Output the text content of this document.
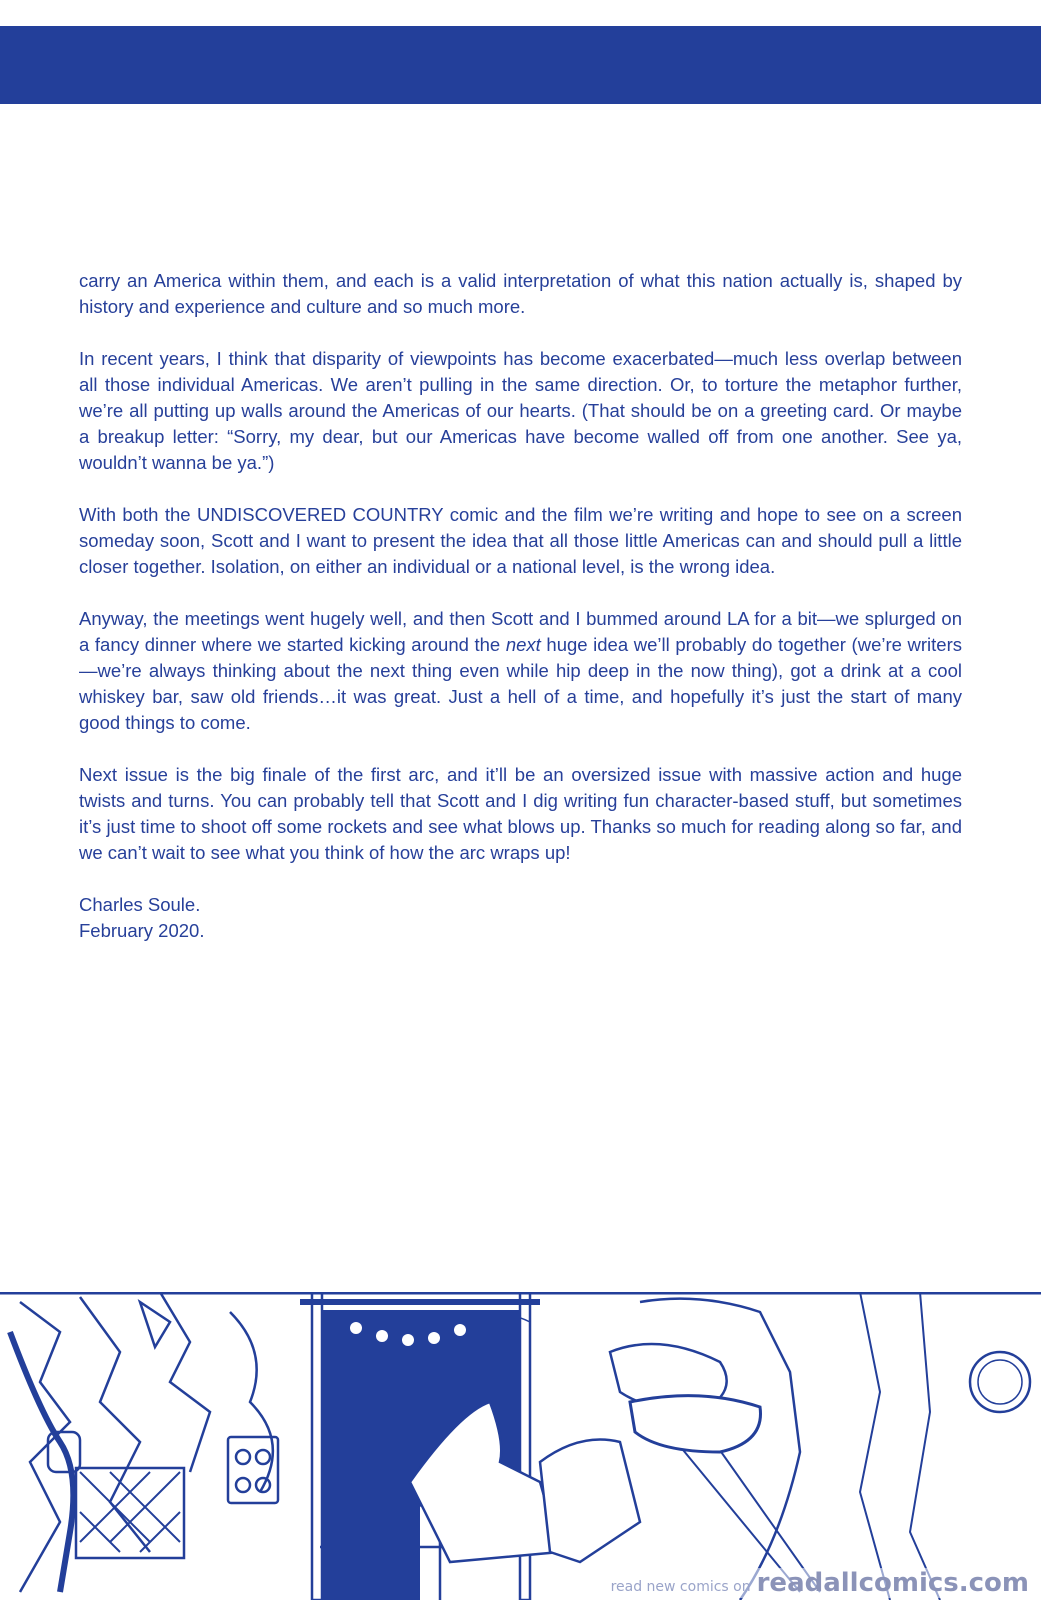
carry an America within them, and each is a valid interpretation of what this nation actually is, shaped by history and experience and culture and so much more.

In recent years, I think that disparity of viewpoints has become exacerbated—much less overlap between all those individual Americas. We aren’t pulling in the same direction. Or, to torture the metaphor further, we’re all putting up walls around the Americas of our hearts. (That should be on a greeting card. Or maybe a breakup letter: “Sorry, my dear, but our Americas have become walled off from one another. See ya, wouldn’t wanna be ya.”)

With both the UNDISCOVERED COUNTRY comic and the film we’re writing and hope to see on a screen someday soon, Scott and I want to present the idea that all those little Americas can and should pull a little closer together. Isolation, on either an individual or a national level, is the wrong idea.

Anyway, the meetings went hugely well, and then Scott and I bummed around LA for a bit—we splurged on a fancy dinner where we started kicking around the next huge idea we’ll probably do together (we’re writers—we’re always thinking about the next thing even while hip deep in the now thing), got a drink at a cool whiskey bar, saw old friends…it was great. Just a hell of a time, and hopefully it’s just the start of many good things to come.

Next issue is the big finale of the first arc, and it’ll be an oversized issue with massive action and huge twists and turns. You can probably tell that Scott and I dig writing fun character-based stuff, but sometimes it’s just time to shoot off some rockets and see what blows up. Thanks so much for reading along so far, and we can’t wait to see what you think of how the arc wraps up!

Charles Soule.

February 2020.

read new comics on readallcomics.com
